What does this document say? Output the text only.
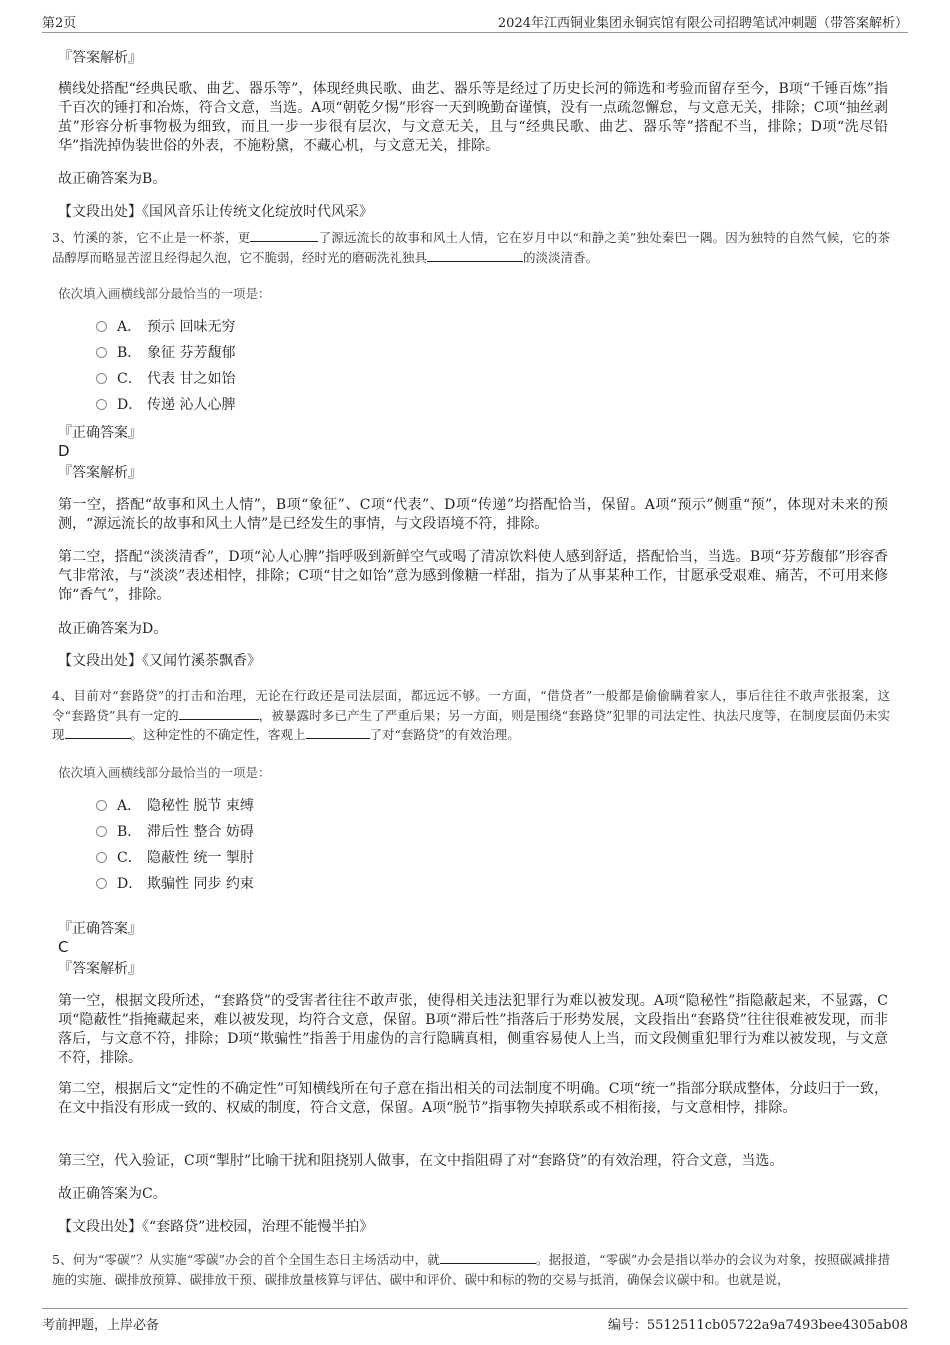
第2页	2024年江西铜业集团永铜宾馆有限公司招聘笔试冲刺题（带答案解析）
『答案解析』

横线处搭配“经典民歌、曲艺、器乐等”，体现经典民歌、曲艺、器乐等是经过了历史长河的筛选和考验而留存至今，B项“千锤百炼”指千百次的锤打和冶炼，符合文意，当选。A项“朝乾夕惕”形容一天到晚勤奋谨慎，没有一点疏忽懈怠，与文意无关，排除；C项“抽丝剥茧”形容分析事物极为细致，而且一步一步很有层次，与文意无关，且与“经典民歌、曲艺、器乐等”搭配不当，排除；D项“洗尽铅华”指洗掉伪装世俗的外表，不施粉黛，不藏心机，与文意无关，排除。

故正确答案为B。
【文段出处】《国风音乐让传统文化绽放时代风采》

3、竹溪的茶，它不止是一杯茶，更	了源远流长的故事和风土人情，它在岁月中以“和静之美”独处秦巴一隅。因为独特的自然气候，它的茶品醇厚而略显苦涩且经得起久泡，它不脆弱，经时光的磨砺洗礼独具	的淡淡清香。

依次填入画横线部分最恰当的一项是：
A． 预示 回味无穷
B． 象征 芬芳馥郁
C． 代表 甘之如饴
D． 传递 沁人心脾
『正确答案』
D
『答案解析』

第一空，搭配“故事和风土人情”，B项“象征”、C项“代表”、D项“传递”均搭配恰当，保留。A项“预示”侧重“预”，体现对未来的预测，“源远流长的故事和风土人情”是已经发生的事情，与文段语境不符，排除。

第二空，搭配“淡淡清香”，D项“沁人心脾”指呼吸到新鲜空气或喝了清凉饮料使人感到舒适，搭配恰当，当选。B项“芬芳馥郁”形容香气非常浓，与“淡淡”表述相悖，排除；C项“甘之如饴”意为感到像糖一样甜，指为了从事某种工作，甘愿承受艰难、痛苦，不可用来修饰“香气”，排除。

故正确答案为D。
【文段出处】《又闻竹溪茶飘香》

4、目前对“套路贷”的打击和治理，无论在行政还是司法层面，都远远不够。一方面，“借贷者”一般都是偷偷瞒着家人，事后往往不敢声张报案，这令“套路贷”具有一定的	，被暴露时多已产生了严重后果；另一方面，则是围绕“套路贷”犯罪的司法定性、执法尺度等，在制度层面仍未实现	。这种定性的不确定性，客观上	了对“套路贷”的有效治理。

依次填入画横线部分最恰当的一项是：
A． 隐秘性 脱节 束缚
B． 滞后性 整合 妨碍
C． 隐蔽性 统一 掣肘
D． 欺骗性 同步 约束
『正确答案』
C
『答案解析』

第一空，根据文段所述，“套路贷”的受害者往往不敢声张，使得相关违法犯罪行为难以被发现。A项“隐秘性”指隐蔽起来，不显露，C项“隐蔽性”指掩藏起来，难以被发现，均符合文意，保留。B项“滞后性”指落后于形势发展，文段指出“套路贷”往往很难被发现，而非落后，与文意不符，排除；D项“欺骗性”指善于用虚伪的言行隐瞒真相，侧重容易使人上当，而文段侧重犯罪行为难以被发现，与文意不符，排除。

第二空，根据后文“定性的不确定性”可知横线所在句子意在指出相关的司法制度不明确。C项“统一”指部分联成整体，分歧归于一致，在文中指没有形成一致的、权威的制度，符合文意，保留。A项“脱节”指事物失掉联系或不相衔接，与文意相悖，排除。

第三空，代入验证，C项“掣肘”比喻干扰和阻挠别人做事，在文中指阻碍了对“套路贷”的有效治理，符合文意，当选。

故正确答案为C。
【文段出处】《“套路贷”进校园，治理不能慢半拍》

5、何为“零碳”？从实施“零碳”办会的首个全国生态日主场活动中，就	。据报道，“零碳”办会是指以举办的会议为对象，按照碳减排措施的实施、碳排放预算、碳排放干预、碳排放量核算与评估、碳中和评价、碳中和标的物的交易与抵消，确保会议碳中和。也就是说，

考前押题，上岸必备	编号：5512511cb05722a9a7493bee4305ab08
